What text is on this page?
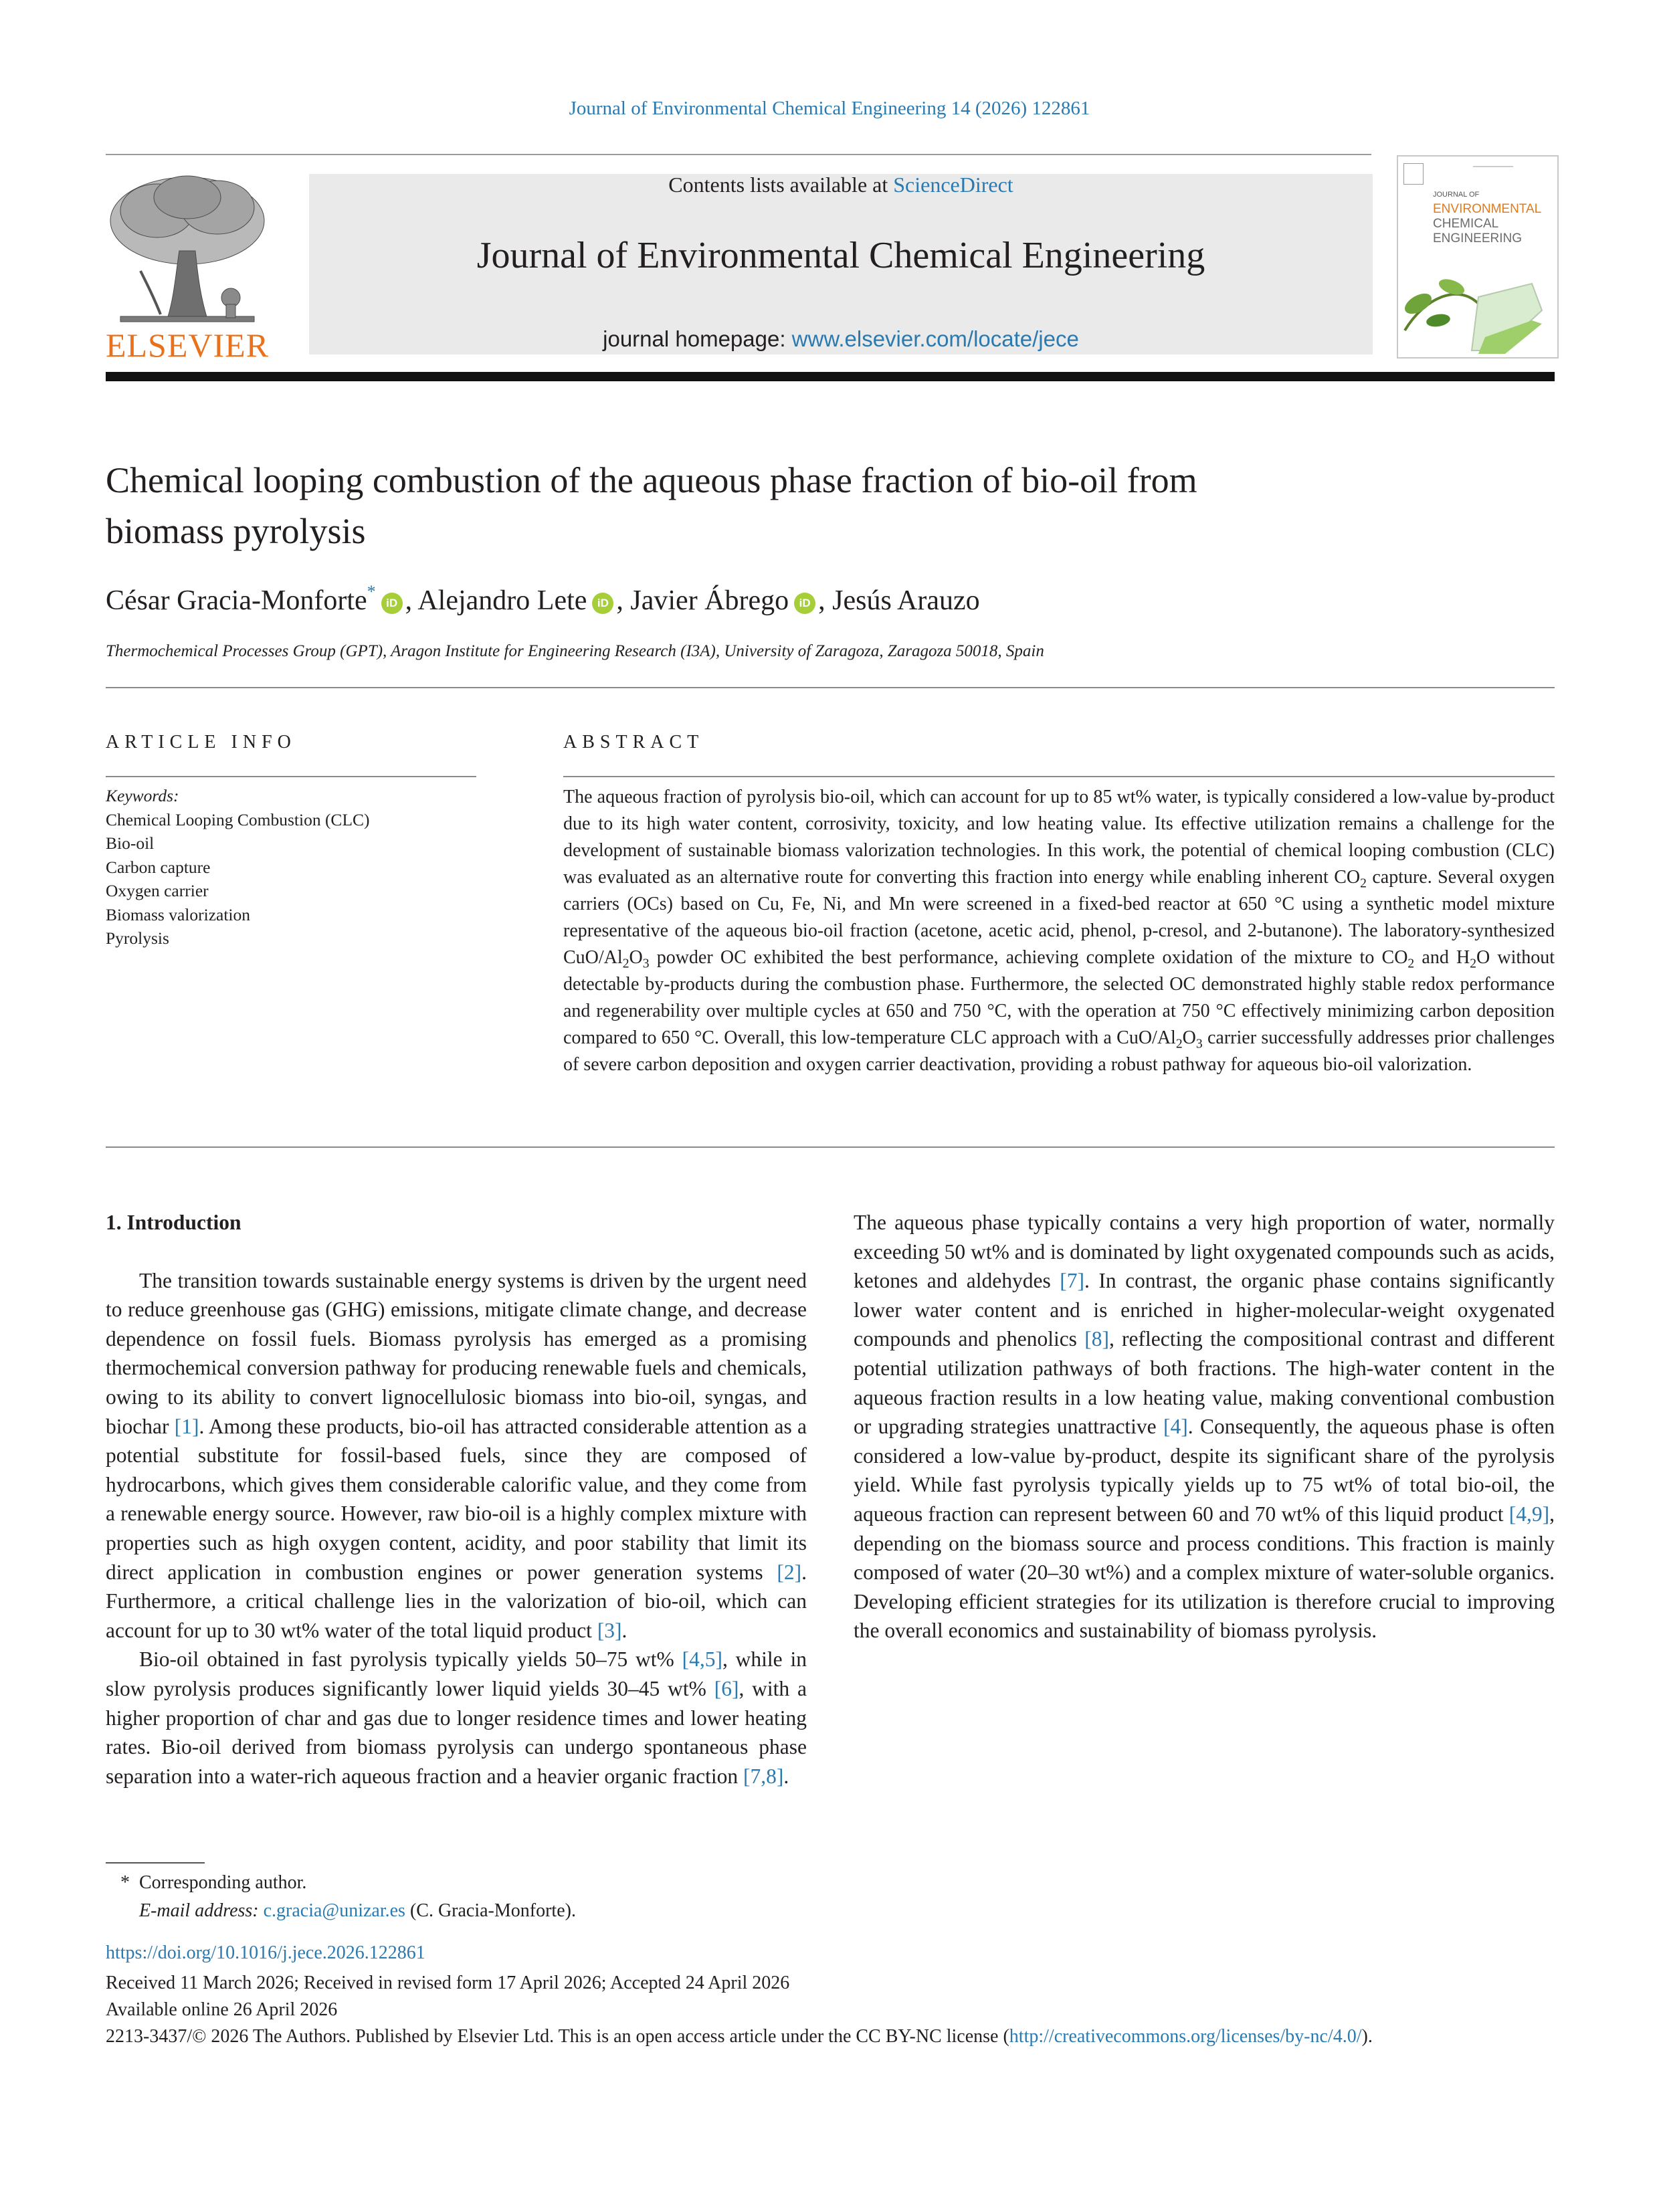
Journal of Environmental Chemical Engineering 14 (2026) 122861
ELSEVIER
Contents lists available at ScienceDirect
Journal of Environmental Chemical Engineering
journal homepage: www.elsevier.com/locate/jece
JOURNAL OF
ENVIRONMENTAL
CHEMICAL
ENGINEERING
Chemical looping combustion of the aqueous phase fraction of bio-oil from
biomass pyrolysis
César Gracia-Monforte*iD , Alejandro Lete iD , Javier Ábrego iD , Jesús Arauzo
Thermochemical Processes Group (GPT), Aragon Institute for Engineering Research (I3A), University of Zaragoza, Zaragoza 50018, Spain
ARTICLE INFO	ABSTRACT
Keywords:
Chemical Looping Combustion (CLC)
Bio-oil
Carbon capture
Oxygen carrier
Biomass valorization
Pyrolysis
The aqueous fraction of pyrolysis bio-oil, which can account for up to 85 wt% water, is typically considered a low-value by-product due to its high water content, corrosivity, toxicity, and low heating value. Its effective utilization remains a challenge for the development of sustainable biomass valorization technologies. In this work, the potential of chemical looping combustion (CLC) was evaluated as an alternative route for converting this fraction into energy while enabling inherent $CO_2$ capture. Several oxygen carriers (OCs) based on Cu, Fe, Ni, and Mn were screened in a fixed-bed reactor at 650 °C using a synthetic model mixture representative of the aqueous bio-oil fraction (acetone, acetic acid, phenol, p-cresol, and 2-butanone). The laboratory-synthesized CuO/$Al_2O_3$ powder OC exhibited the best performance, achieving complete oxidation of the mixture to $CO_2$ and $H_2O$ without detectable by-products during the combustion phase. Furthermore, the selected OC demonstrated highly stable redox performance and regenerability over multiple cycles at 650 and 750 °C, with the operation at 750 °C effectively minimizing carbon deposition compared to 650 °C. Overall, this low-temperature CLC approach with a CuO/$Al_2O_3$ carrier successfully addresses prior challenges of severe carbon deposition and oxygen carrier deactivation, providing a robust pathway for aqueous bio-oil valorization.

1. Introduction

The transition towards sustainable energy systems is driven by the urgent need to reduce greenhouse gas (GHG) emissions, mitigate climate change, and decrease dependence on fossil fuels. Biomass pyrolysis has emerged as a promising thermochemical conversion pathway for producing renewable fuels and chemicals, owing to its ability to convert lignocellulosic biomass into bio-oil, syngas, and biochar [1]. Among these products, bio-oil has attracted considerable attention as a potential substitute for fossil-based fuels, since they are composed of hydrocarbons, which gives them considerable calorific value, and they come from a renewable energy source. However, raw bio-oil is a highly complex mixture with properties such as high oxygen content, acidity, and poor stability that limit its direct application in combustion engines or power generation systems [2]. Furthermore, a critical challenge lies in the valorization of bio-oil, which can account for up to 30 wt% water of the total liquid product [3].

Bio-oil obtained in fast pyrolysis typically yields 50–75 wt% [4,5], while in slow pyrolysis produces significantly lower liquid yields 30–45 wt% [6], with a higher proportion of char and gas due to longer residence times and lower heating rates. Bio-oil derived from biomass pyrolysis can undergo spontaneous phase separation into a water-rich aqueous fraction and a heavier organic fraction [7,8].

The aqueous phase typically contains a very high proportion of water, normally exceeding 50 wt% and is dominated by light oxygenated compounds such as acids, ketones and aldehydes [7]. In contrast, the organic phase contains significantly lower water content and is enriched in higher-molecular-weight oxygenated compounds and phenolics [8], reflecting the compositional contrast and different potential utilization pathways of both fractions. The high-water content in the aqueous fraction results in a low heating value, making conventional combustion or upgrading strategies unattractive [4]. Consequently, the aqueous phase is often considered a low-value by-product, despite its significant share of the pyrolysis yield. While fast pyrolysis typically yields up to 75 wt% of total bio-oil, the aqueous fraction can represent between 60 and 70 wt% of this liquid product [4,9], depending on the biomass source and process conditions. This fraction is mainly composed of water (20–30 wt%) and a complex mixture of water-soluble organics. Developing efficient strategies for its utilization is therefore crucial to improving the overall economics and sustainability of biomass pyrolysis.

* Corresponding author.
E-mail address: c.gracia@unizar.es (C. Gracia-Monforte).
https://doi.org/10.1016/j.jece.2026.122861
Received 11 March 2026; Received in revised form 17 April 2026; Accepted 24 April 2026
Available online 26 April 2026
2213-3437/© 2026 The Authors. Published by Elsevier Ltd. This is an open access article under the CC BY-NC license (http://creativecommons.org/licenses/by-nc/4.0/).
